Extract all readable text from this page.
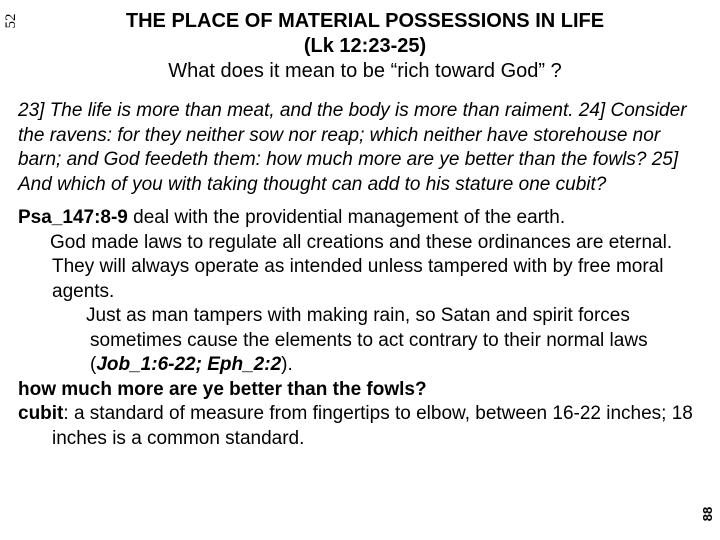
52
88
THE PLACE OF MATERIAL POSSESSIONS IN LIFE
(Lk 12:23-25)
What does it mean to be “rich toward God” ?

23] The life is more than meat, and the body is more than raiment. 24] Consider the ravens: for they neither sow nor reap; which neither have storehouse nor barn; and God feedeth them: how much more are ye better than the fowls? 25] And which of you with taking thought can add to his stature one cubit?

Psa_147:8-9 deal with the providential management of the earth.

God made laws to regulate all creations and these ordinances are eternal. They will always operate as intended unless tampered with by free moral agents.

Just as man tampers with making rain, so Satan and spirit forces sometimes cause the elements to act contrary to their normal laws (Job_1:6-22; Eph_2:2).

how much more are ye better than the fowls?

cubit: a standard of measure from fingertips to elbow, between 16-22 inches; 18 inches is a common standard.
